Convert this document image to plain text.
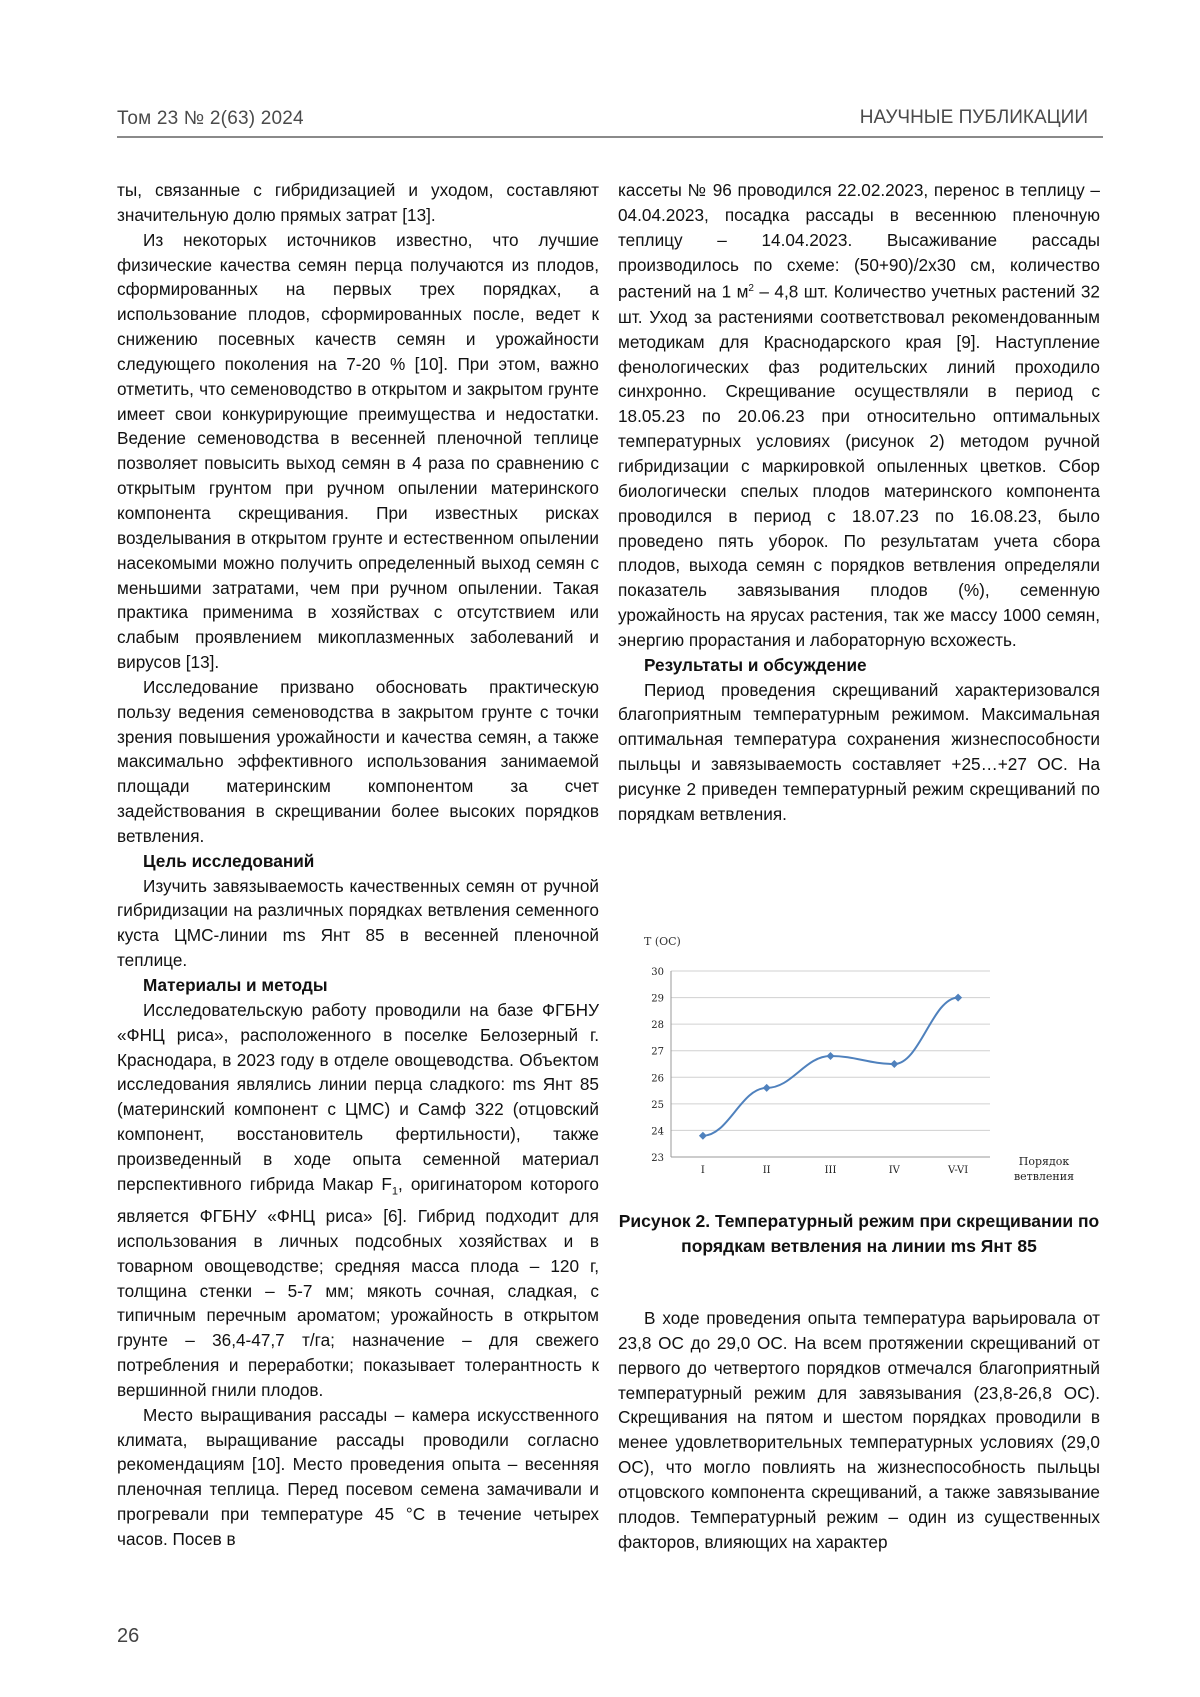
Том 23 № 2(63) 2024	НАУЧНЫЕ ПУБЛИКАЦИИ

ты, связанные с гибридизацией и уходом, составляют значительную долю прямых затрат [13].

Из некоторых источников известно, что лучшие физические качества семян перца получаются из плодов, сформированных на первых трех порядках, а использование плодов, сформированных после, ведет к снижению посевных качеств семян и урожайности следующего поколения на 7-20 % [10]. При этом, важно отметить, что семеноводство в открытом и закрытом грунте имеет свои конкурирующие преимущества и недостатки. Ведение семеноводства в весенней пленочной теплице позволяет повысить выход семян в 4 раза по сравнению с открытым грунтом при ручном опылении материнского компонента скрещивания. При известных рисках возделывания в открытом грунте и естественном опылении насекомыми можно получить определенный выход семян с меньшими затратами, чем при ручном опылении. Такая практика применима в хозяйствах с отсутствием или слабым проявлением микоплазменных заболеваний и вирусов [13].

Исследование призвано обосновать практическую пользу ведения семеноводства в закрытом грунте с точки зрения повышения урожайности и качества семян, а также максимально эффективного использования занимаемой площади материнским компонентом за счет задействования в скрещивании более высоких порядков ветвления.

Цель исследований

Изучить завязываемость качественных семян от ручной гибридизации на различных порядках ветвления семенного куста ЦМС-линии ms Янт 85 в весенней пленочной теплице.

Материалы и методы

Исследовательскую работу проводили на базе ФГБНУ «ФНЦ риса», расположенного в поселке Белозерный г. Краснодара, в 2023 году в отделе овощеводства. Объектом исследования являлись линии перца сладкого: ms Янт 85 (материнский компонент с ЦМС) и Самф 322 (отцовский компонент, восстановитель фертильности), также произведенный в ходе опыта семенной материал перспективного гибрида Макар $F_1$, оригинатором которого является ФГБНУ «ФНЦ риса» [6]. Гибрид подходит для использования в личных подсобных хозяйствах и в товарном овощеводстве; средняя масса плода – 120 г, толщина стенки – 5-7 мм; мякоть сочная, сладкая, с типичным перечным ароматом; урожайность в открытом грунте – 36,4-47,7 т/га; назначение – для свежего потребления и переработки; показывает толерантность к вершинной гнили плодов.

Место выращивания рассады – камера искусственного климата, выращивание рассады проводили согласно рекомендациям [10]. Место проведения опыта – весенняя пленочная теплица. Перед посевом семена замачивали и прогревали при температуре 45 °С в течение четырех часов. Посев в

кассеты № 96 проводился 22.02.2023, перенос в теплицу – 04.04.2023, посадка рассады в весеннюю пленочную теплицу – 14.04.2023. Высаживание рассады производилось по схеме: (50+90)/2х30 см, количество растений на 1 $м^2 - 4,8$ шт. Количество учетных растений 32 шт. Уход за растениями соответствовал рекомендованным методикам для Краснодарского края [9]. Наступление фенологических фаз родительских линий проходило синхронно. Скрещивание осуществляли в период с 18.05.23 по 20.06.23 при относительно оптимальных температурных условиях (рисунок 2) методом ручной гибридизации с маркировкой опыленных цветков. Сбор биологически спелых плодов материнского компонента проводился в период с 18.07.23 по 16.08.23, было проведено пять уборок. По результатам учета сбора плодов, выхода семян с порядков ветвления определяли показатель завязывания плодов (%), семенную урожайность на ярусах растения, так же массу 1000 семян, энергию прорастания и лабораторную всхожесть.

Результаты и обсуждение

Период проведения скрещиваний характеризовался благоприятным температурным режимом. Максимальная оптимальная температура сохранения жизнеспособности пыльцы и завязываемость составляет +25…+27 ОС. На рисунке 2 приведен температурный режим скрещиваний по порядкам ветвления.

Т (ОС)
23
24
25
26
27
28
29
30
I	II	III	IV	V-VI
Порядок
ветвления
Рисунок 2. Температурный режим при скрещивании по порядкам ветвления на линии ms Янт 85

В ходе проведения опыта температура варьировала от 23,8 ОС до 29,0 ОС. На всем протяжении скрещиваний от первого до четвертого порядков отмечался благоприятный температурный режим для завязывания (23,8-26,8 ОС). Скрещивания на пятом и шестом порядках проводили в менее удовлетворительных температурных условиях (29,0 ОС), что могло повлиять на жизнеспособность пыльцы отцовского компонента скрещиваний, а также завязывание плодов. Температурный режим – один из существенных факторов, влияющих на характер

26
